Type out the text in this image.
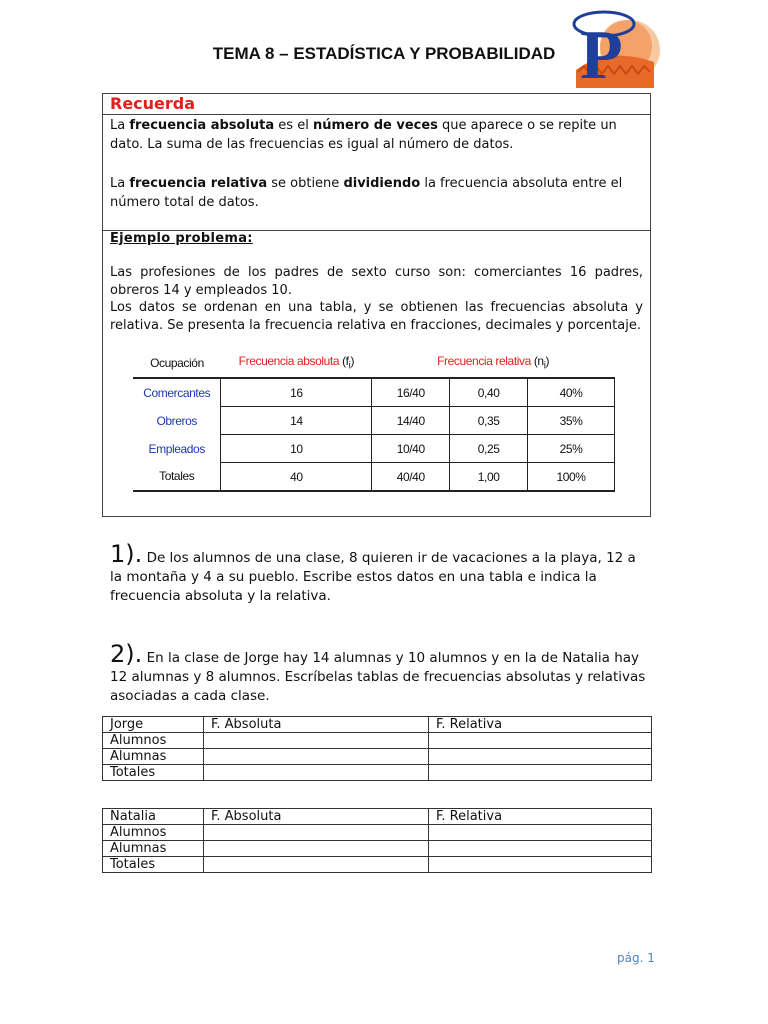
TEMA 8 – ESTADÍSTICA Y PROBABILIDAD P
Recuerda
La frecuencia absoluta es el número de veces que aparece o se repite un dato. La suma de las frecuencias es igual al número de datos.
La frecuencia relativa se obtiene dividiendo la frecuencia absoluta entre el número total de datos.
Ejemplo problema:
Las profesiones de los padres de sexto curso son: comerciantes 16 padres, obreros 14 y empleados 10.
Los datos se ordenan en una tabla, y se obtienen las frecuencias absoluta y relativa. Se presenta la frecuencia relativa en fracciones, decimales y porcentaje.
Ocupación	Frecuencia absoluta $(f_i)$	Frecuencia relativa $(n_i)$		
Comercantes	16	16/40	0,40	40%
Obreros	14	14/40	0,35	35%
Empleados	10	10/40	0,25	25%
Totales	40	40/40	1,00	100%
1). De los alumnos de una clase, 8 quieren ir de vacaciones a la playa, 12 a la montaña y 4 a su pueblo. Escribe estos datos en una tabla e indica la frecuencia absoluta y la relativa.
2). En la clase de Jorge hay 14 alumnas y 10 alumnos y en la de Natalia hay 12 alumnas y 8 alumnos. Escríbelas tablas de frecuencias absolutas y relativas asociadas a cada clase.
Jorge	F. Absoluta	F. Relativa
Alumnos		
Alumnas		
Totales		
Natalia	F. Absoluta	F. Relativa
Alumnos		
Alumnas		
Totales		
pág. 1
